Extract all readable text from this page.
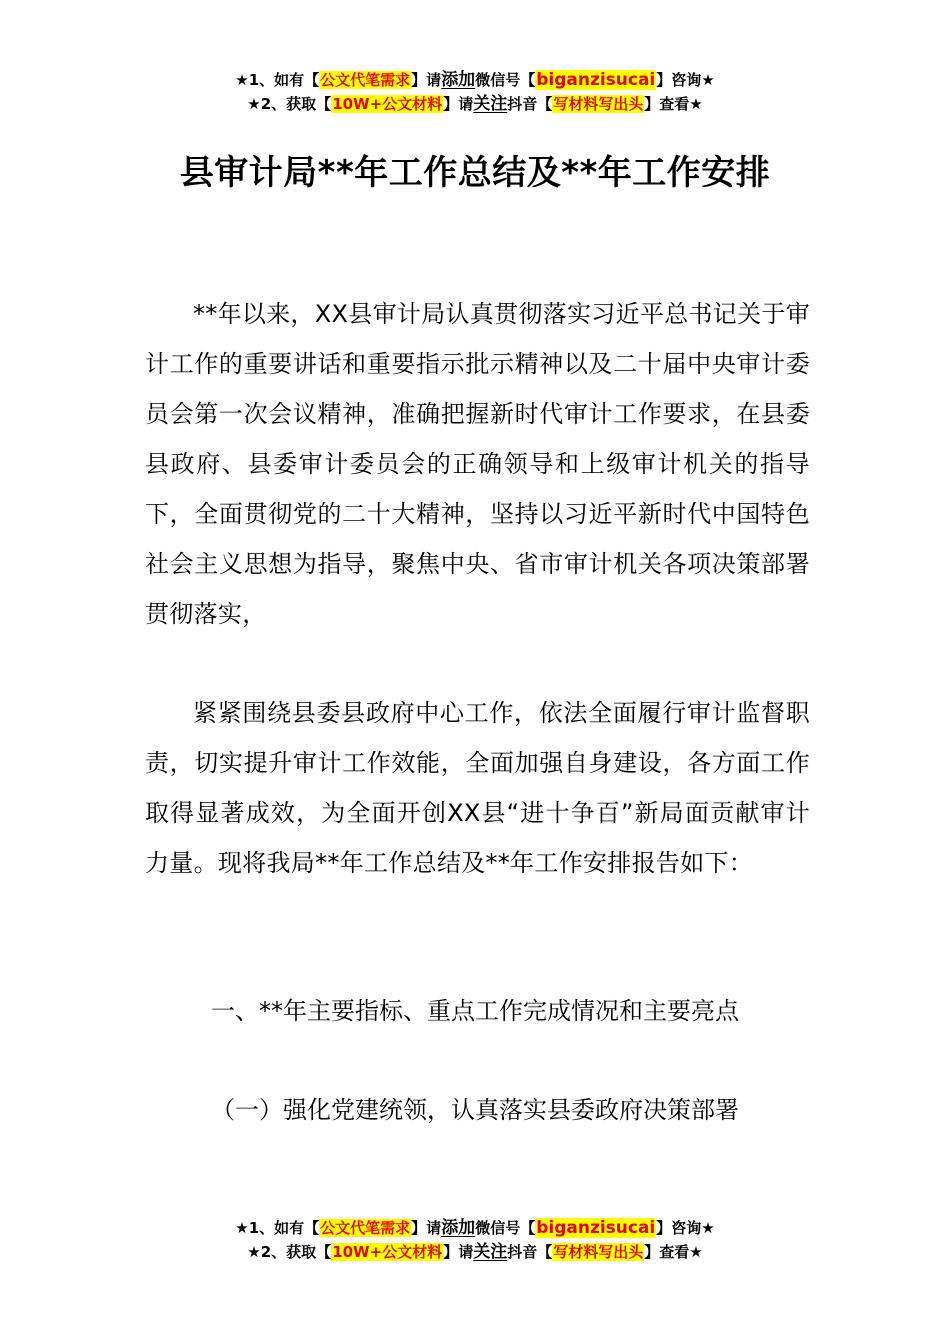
★1、如有【公文代笔需求】请添加微信号【biganzisucai】咨询★
★2、获取【10W+公文材料】请关注抖音【写材料写出头】查看★
县审计局**年工作总结及**年工作安排
**年以来，XX县审计局认真贯彻落实习近平总书记关于审计工作的重要讲话和重要指示批示精神以及二十届中央审计委员会第一次会议精神，准确把握新时代审计工作要求，在县委县政府、县委审计委员会的正确领导和上级审计机关的指导下，全面贯彻党的二十大精神，坚持以习近平新时代中国特色社会主义思想为指导，聚焦中央、省市审计机关各项决策部署贯彻落实，
紧紧围绕县委县政府中心工作，依法全面履行审计监督职责，切实提升审计工作效能，全面加强自身建设，各方面工作取得显著成效，为全面开创XX县“进十争百”新局面贡献审计力量。现将我局**年工作总结及**年工作安排报告如下：
一、**年主要指标、重点工作完成情况和主要亮点
（一）强化党建统领，认真落实县委政府决策部署
★1、如有【公文代笔需求】请添加微信号【biganzisucai】咨询★
★2、获取【10W+公文材料】请关注抖音【写材料写出头】查看★
